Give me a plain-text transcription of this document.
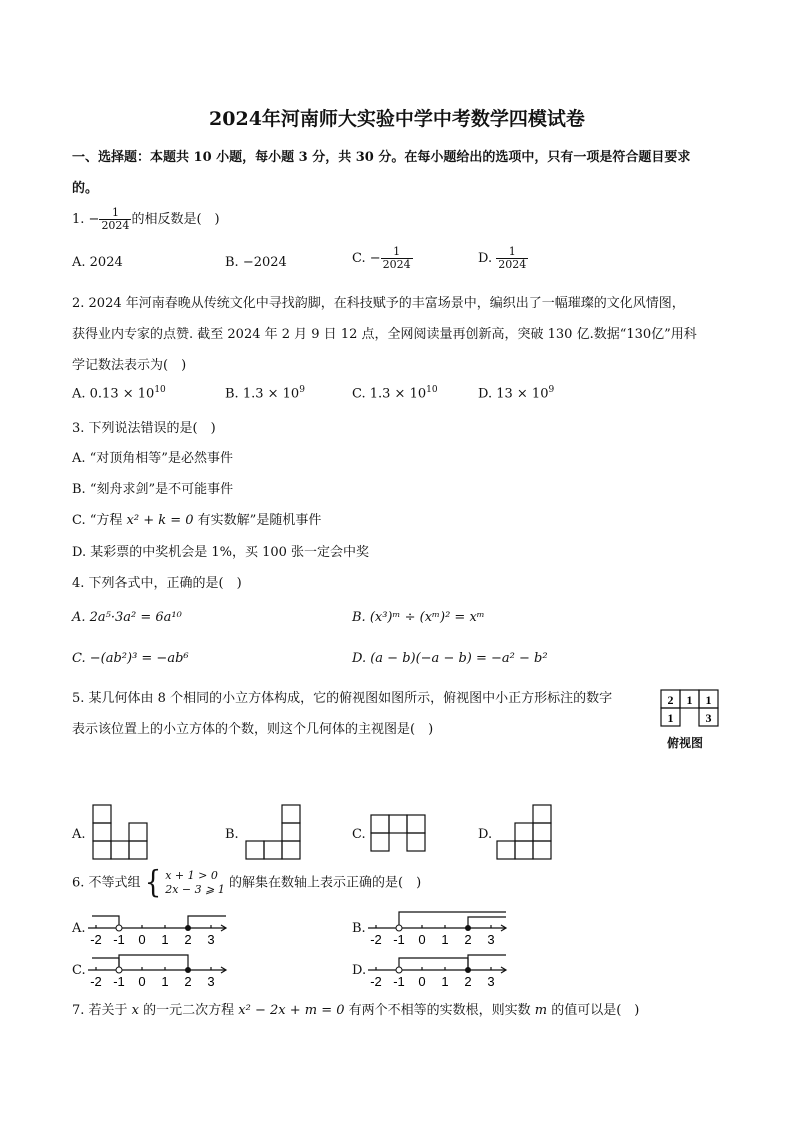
2024年河南师大实验中学中考数学四模试卷
一、选择题：本题共 10 小题，每小题 3 分，共 30 分。在每小题给出的选项中，只有一项是符合题目要求
的。
1. − $\frac{1}{2024}$ 的相反数是(　)
A. 2024	B. −2024	C. − $\frac{1}{2024}$	D. $\frac{1}{2024}$
2. 2024 年河南春晚从传统文化中寻找韵脚，在科技赋予的丰富场景中，编织出了一幅璀璨的文化风情图，
获得业内专家的点赞. 截至 2024 年 2 月 9 日 12 点，全网阅读量再创新高，突破 130 亿.数据“130亿”用科
学记数法表示为(　)
A. $0.13 \times 10^{10}$	B. $1.3 \times 10^9$	C. $1.3 \times 10^{10}$	D. $13 \times 10^9$
3. 下列说法错误的是(　)
A. “对顶角相等”是必然事件
B. “刻舟求剑”是不可能事件
C. “方程 x² + k = 0 有实数解”是随机事件
D. 某彩票的中奖机会是 1%，买 100 张一定会中奖
4. 下列各式中，正确的是(　)
A. 2a⁵·3a² = 6a¹⁰	B. (x³)ᵐ ÷ (xᵐ)² = xᵐ
C. −(ab²)³ = −ab⁶	D. (a − b)(−a − b) = −a² − b²
5. 某几何体由 8 个相同的小立方体构成，它的俯视图如图所示，俯视图中小正方形标注的数字
表示该位置上的小立方体的个数，则这个几何体的主视图是(　)
2 1 1
1	3
俯视图
A.	B.	C.	D.
6. 不等式组 { x + 1 > 0
2x − 3 ⩾ 1 的解集在数轴上表示正确的是(　)
A.
-2 -1 0 1 2 3
B.
-2 -1 0 1 2 3
C.
-2 -1 0 1 2 3
D.
-2 -1 0 1 2 3
7. 若关于 x 的一元二次方程 x² − 2x + m = 0 有两个不相等的实数根，则实数 m 的值可以是(　)
